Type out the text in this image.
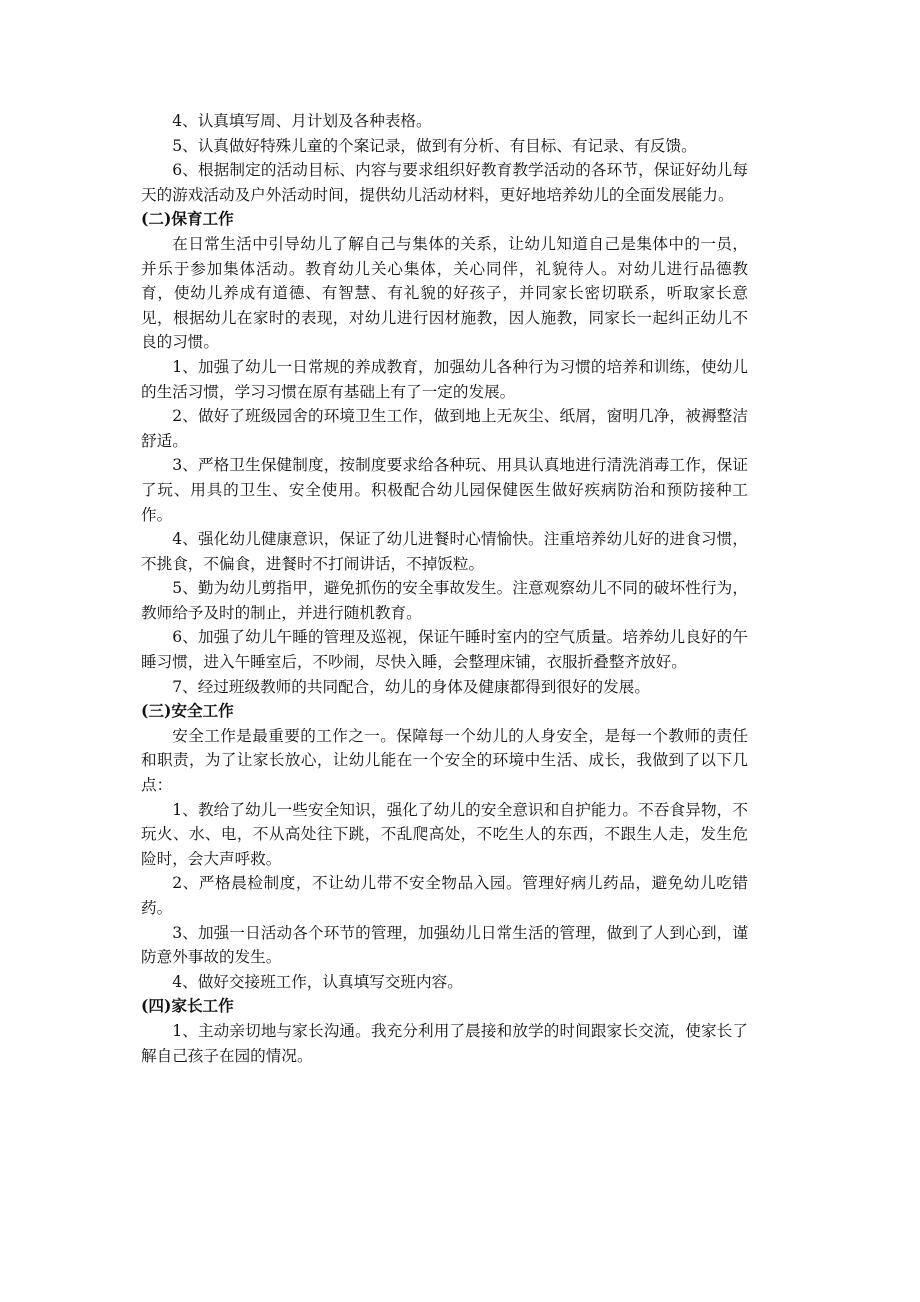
4、认真填写周、月计划及各种表格。

5、认真做好特殊儿童的个案记录，做到有分析、有目标、有记录、有反馈。

6、根据制定的活动目标、内容与要求组织好教育教学活动的各环节，保证好幼儿每天的游戏活动及户外活动时间，提供幼儿活动材料，更好地培养幼儿的全面发展能力。

(二)保育工作

在日常生活中引导幼儿了解自己与集体的关系，让幼儿知道自己是集体中的一员，并乐于参加集体活动。教育幼儿关心集体，关心同伴，礼貌待人。对幼儿进行品德教育，使幼儿养成有道德、有智慧、有礼貌的好孩子，并同家长密切联系，听取家长意见，根据幼儿在家时的表现，对幼儿进行因材施教，因人施教，同家长一起纠正幼儿不良的习惯。

1、加强了幼儿一日常规的养成教育，加强幼儿各种行为习惯的培养和训练，使幼儿的生活习惯，学习习惯在原有基础上有了一定的发展。

2、做好了班级园舍的环境卫生工作，做到地上无灰尘、纸屑，窗明几净，被褥整洁舒适。

3、严格卫生保健制度，按制度要求给各种玩、用具认真地进行清洗消毒工作，保证了玩、用具的卫生、安全使用。积极配合幼儿园保健医生做好疾病防治和预防接种工作。

4、强化幼儿健康意识，保证了幼儿进餐时心情愉快。注重培养幼儿好的进食习惯，不挑食，不偏食，进餐时不打闹讲话，不掉饭粒。

5、勤为幼儿剪指甲，避免抓伤的安全事故发生。注意观察幼儿不同的破坏性行为，教师给予及时的制止，并进行随机教育。

6、加强了幼儿午睡的管理及巡视，保证午睡时室内的空气质量。培养幼儿良好的午睡习惯，进入午睡室后，不吵闹，尽快入睡，会整理床铺，衣服折叠整齐放好。

7、经过班级教师的共同配合，幼儿的身体及健康都得到很好的发展。

(三)安全工作

安全工作是最重要的工作之一。保障每一个幼儿的人身安全，是每一个教师的责任和职责，为了让家长放心，让幼儿能在一个安全的环境中生活、成长，我做到了以下几点：

1、教给了幼儿一些安全知识，强化了幼儿的安全意识和自护能力。不吞食异物，不玩火、水、电，不从高处往下跳，不乱爬高处，不吃生人的东西，不跟生人走，发生危险时，会大声呼救。

2、严格晨检制度，不让幼儿带不安全物品入园。管理好病儿药品，避免幼儿吃错药。

3、加强一日活动各个环节的管理，加强幼儿日常生活的管理，做到了人到心到，谨防意外事故的发生。

4、做好交接班工作，认真填写交班内容。

(四)家长工作

1、主动亲切地与家长沟通。我充分利用了晨接和放学的时间跟家长交流，使家长了解自己孩子在园的情况。
